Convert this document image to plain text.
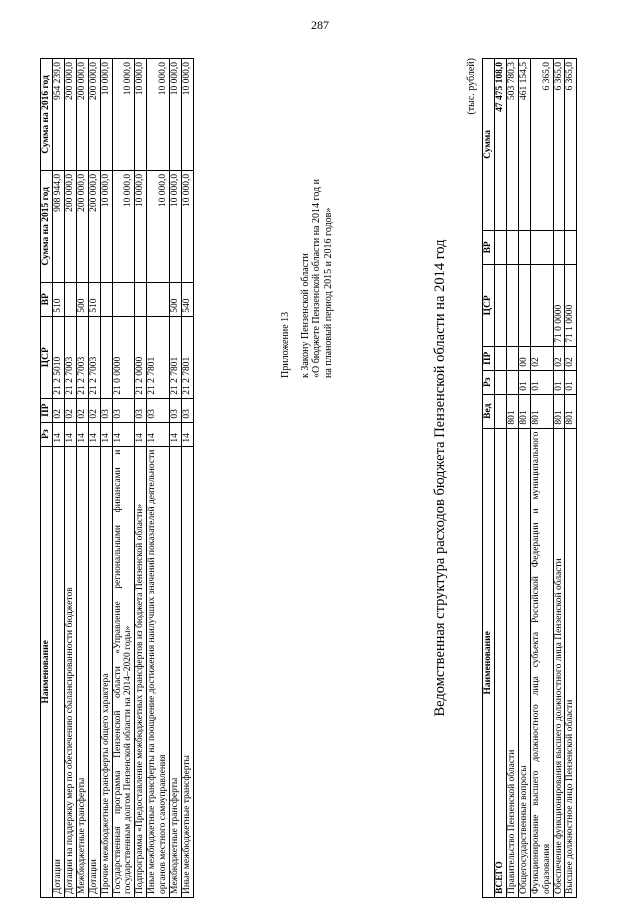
287
Наименование	Рз	ПР	ЦСР	ВР	Сумма на 2015 год	Сумма на 2016 год
Дотации	14	02	21 2 5010	510	908 944,0	954 239,0
Дотации на поддержку мер по обеспечению сбалансированности бюджетов	14	02	21 2 7003		200 000,0	200 000,0
Межбюджетные трансферты	14	02	21 2 7003	500	200 000,0	200 000,0
Дотации	14	02	21 2 7003	510	200 000,0	200 000,0
Прочие межбюджетные трансферты общего характера	14	03			10 000,0	10 000,0
Государственная программа Пензенской области «Управление региональными финансами и государственным долгом Пензенской области на 2014–2020 годы»	14	03	21 0 0000		10 000,0	10 000,0
Подпрограмма «Предоставление межбюджетных трансфертов из бюджета Пензенской области»	14	03	21 2 0000		10 000,0	10 000,0
Иные межбюджетные трансферты на поощрение достижения наилучших значений показателей деятельности органов местного самоуправления	14	03	21 2 7801		10 000,0	10 000,0
Межбюджетные трансферты	14	03	21 2 7801	500	10 000,0	10 000,0
Иные межбюджетные трансферты	14	03	21 2 7801	540	10 000,0	10 000,0
Приложение 13 к Закону Пензенской области «О бюджете Пензенской области на 2014 год и на плановый период 2015 и 2016 годов»	Ведомственная структура расходов бюджета Пензенской области на 2014 год
(тыс. рублей)
Наименование	Вед	Рз	ПР	ЦСР	ВР	Сумма
ВСЕГО						47 475 108,0
Правительство Пензенской области	801					503 780,3
Общегосударственные вопросы	801	01	00			461 154,5
Функционирование высшего должностного лица субъекта Российской Федерации и муниципального образования	801	01	02			6 365,0
Обеспечение функционирования высшего должностного лица Пензенской области	801	01	02	71 0 0000		6 365,0
Высшее должностное лицо Пензенской области	801	01	02	71 1 0000		6 365,0
